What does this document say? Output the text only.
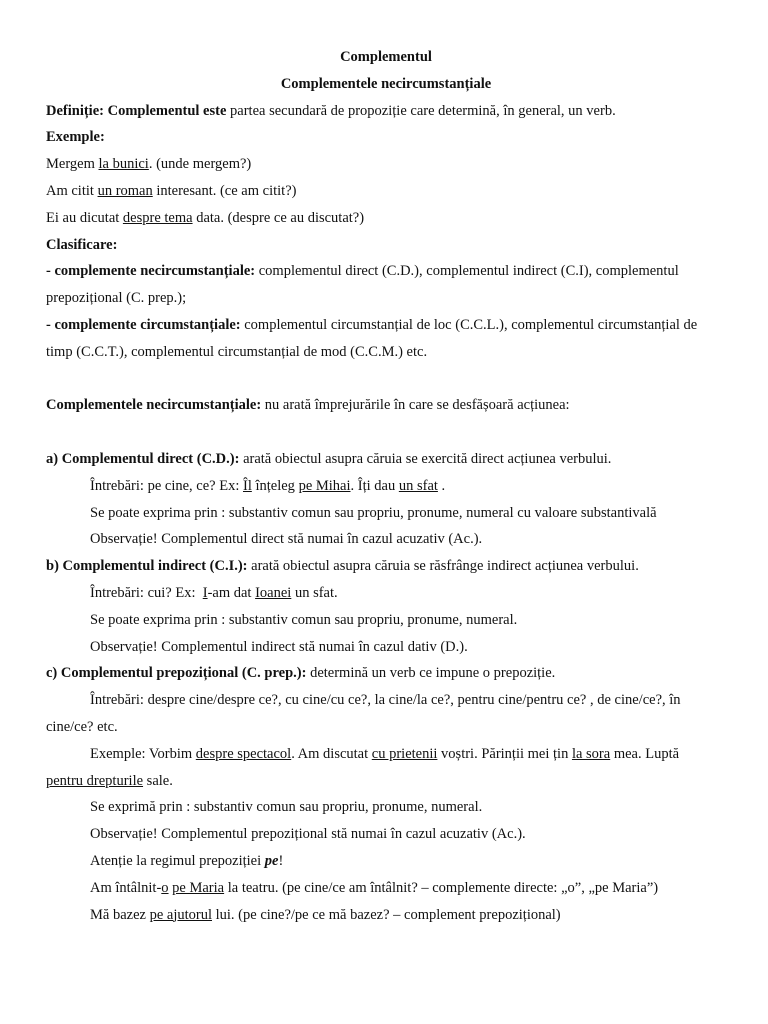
Complementul
Complementele necircumstanțiale
Definiție: Complementul este partea secundară de propoziție care determină, în general, un verb.
Exemple:
Mergem la bunici. (unde mergem?)
Am citit un roman interesant. (ce am citit?)
Ei au dicutat despre tema data. (despre ce au discutat?)
Clasificare:
- complemente necircumstanțiale: complementul direct (C.D.), complementul indirect (C.I), complementul
prepozițional (C. prep.);
- complemente circumstanțiale: complementul circumstanțial de loc (C.C.L.), complementul circumstanțial de
timp (C.C.T.), complementul circumstanțial de mod (C.C.M.) etc.
Complementele necircumstanțiale: nu arată împrejurările în care se desfășoară acțiunea:
a) Complementul direct (C.D.): arată obiectul asupra căruia se exercită direct acțiunea verbului.
Întrebări: pe cine, ce? Ex: Îl înțeleg pe Mihai. Îți dau un sfat .
Se poate exprima prin : substantiv comun sau propriu, pronume, numeral cu valoare substantivală
Observație! Complementul direct stă numai în cazul acuzativ (Ac.).
b) Complementul indirect (C.I.): arată obiectul asupra căruia se răsfrânge indirect acțiunea verbului.
Întrebări: cui? Ex:  I-am dat Ioanei un sfat.
Se poate exprima prin : substantiv comun sau propriu, pronume, numeral.
Observație! Complementul indirect stă numai în cazul dativ (D.).
c) Complementul prepozițional (C. prep.): determină un verb ce impune o prepoziție.
Întrebări: despre cine/despre ce?, cu cine/cu ce?, la cine/la ce?, pentru cine/pentru ce? , de cine/ce?, în
cine/ce? etc.
Exemple: Vorbim despre spectacol. Am discutat cu prietenii voștri. Părinții mei țin la sora mea. Luptă
pentru drepturile sale.
Se exprimă prin : substantiv comun sau propriu, pronume, numeral.
Observație! Complementul prepozițional stă numai în cazul acuzativ (Ac.).
Atenție la regimul prepoziției pe!
Am întâlnit-o pe Maria la teatru. (pe cine/ce am întâlnit? – complemente directe: „o”, „pe Maria”)
Mă bazez pe ajutorul lui. (pe cine?/pe ce mă bazez? – complement prepozițional)
